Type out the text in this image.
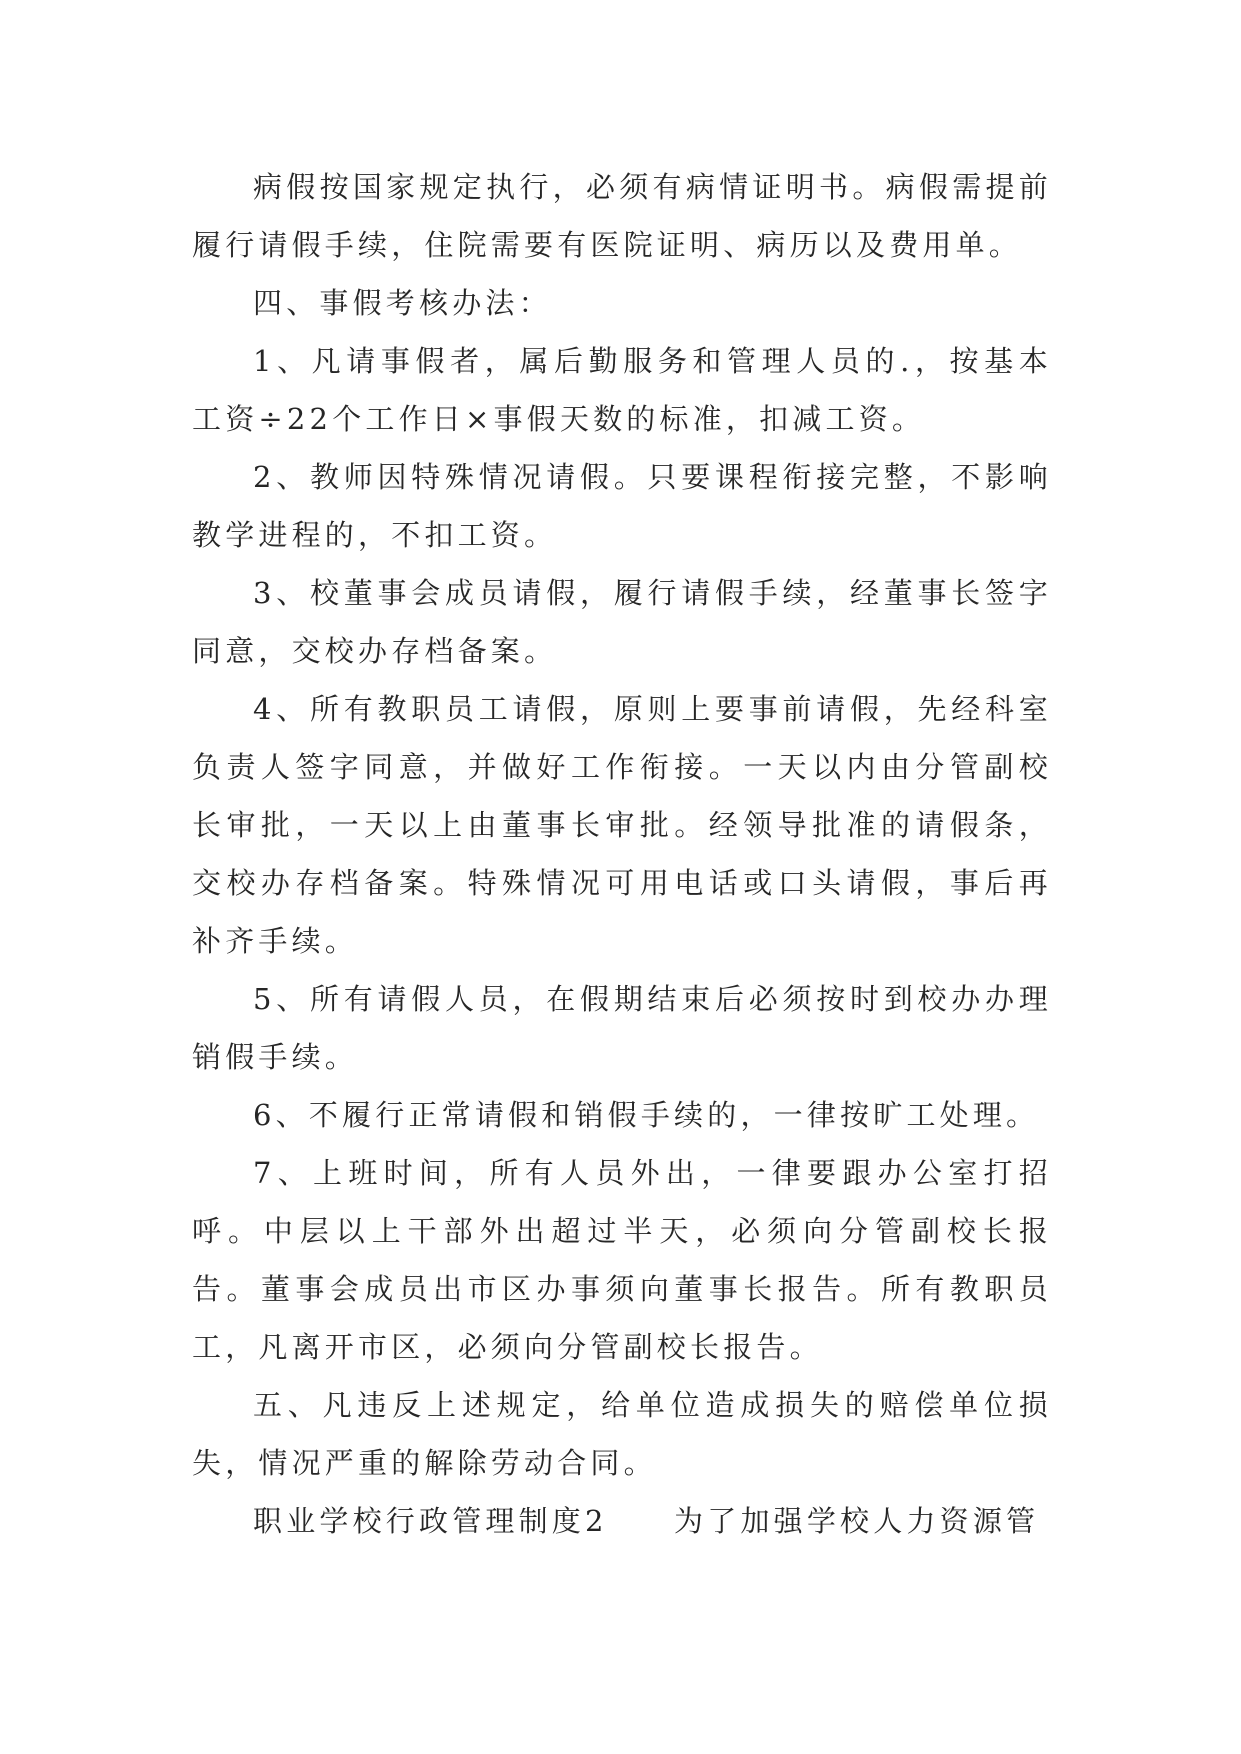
病假按国家规定执行，必须有病情证明书。病假需提前履行请假手续，住院需要有医院证明、病历以及费用单。

四、事假考核办法：

1、凡请事假者，属后勤服务和管理人员的.，按基本工资÷22个工作日×事假天数的标准，扣减工资。

2、教师因特殊情况请假。只要课程衔接完整，不影响教学进程的，不扣工资。

3、校董事会成员请假，履行请假手续，经董事长签字同意，交校办存档备案。

4、所有教职员工请假，原则上要事前请假，先经科室负责人签字同意，并做好工作衔接。一天以内由分管副校长审批，一天以上由董事长审批。经领导批准的请假条，交校办存档备案。特殊情况可用电话或口头请假，事后再补齐手续。

5、所有请假人员，在假期结束后必须按时到校办办理销假手续。

6、不履行正常请假和销假手续的，一律按旷工处理。

7、上班时间，所有人员外出，一律要跟办公室打招呼。中层以上干部外出超过半天，必须向分管副校长报告。董事会成员出市区办事须向董事长报告。所有教职员工，凡离开市区，必须向分管副校长报告。

五、凡违反上述规定，给单位造成损失的赔偿单位损失，情况严重的解除劳动合同。

职业学校行政管理制度2　　为了加强学校人力资源管
